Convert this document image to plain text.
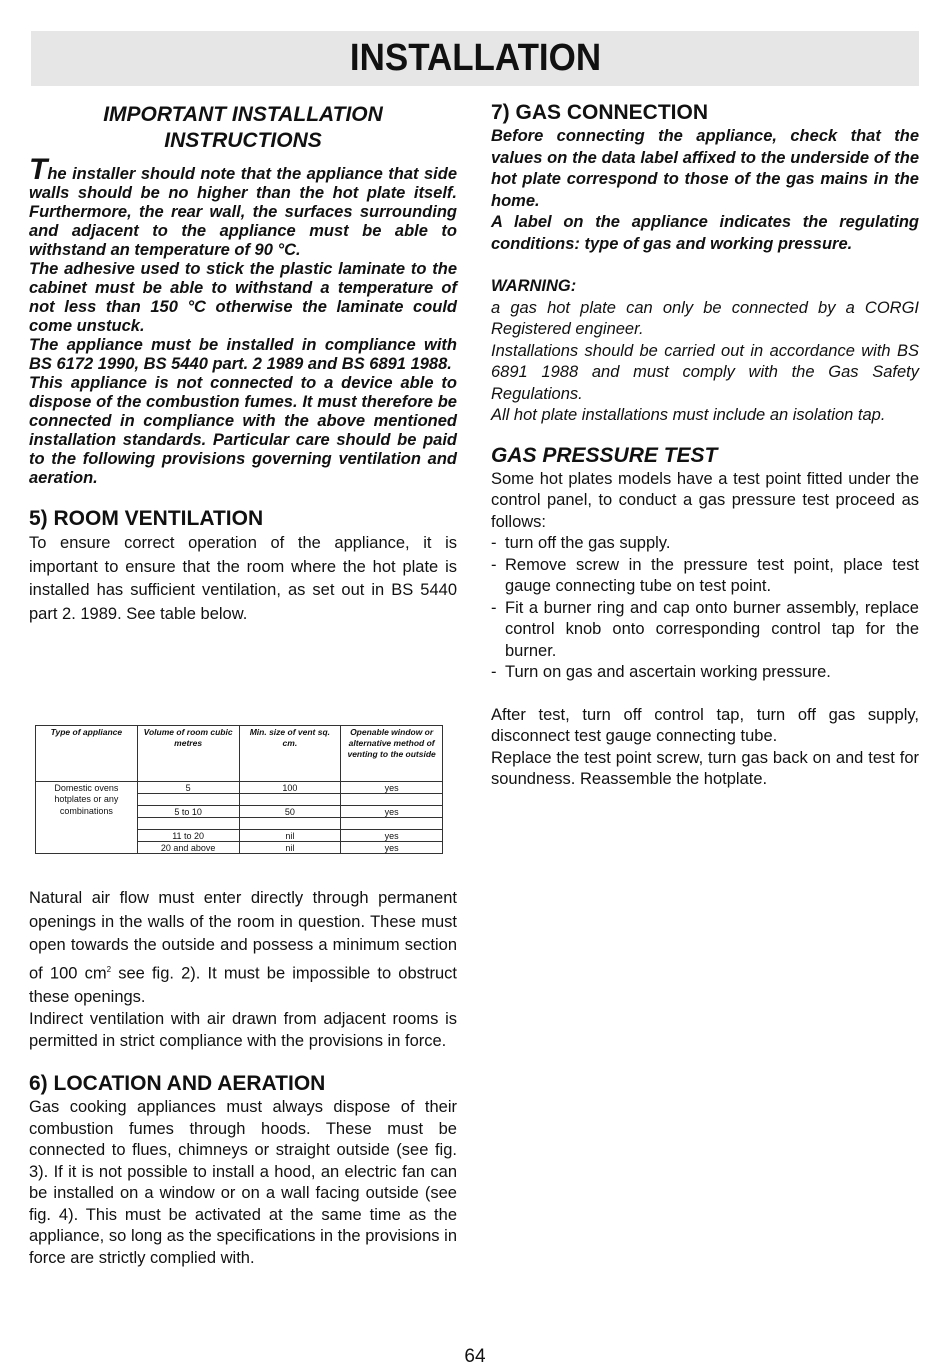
INSTALLATION
IMPORTANT INSTALLATION INSTRUCTIONS

The installer should note that the appliance that side walls should be no higher than the hot plate itself. Furthermore, the rear wall, the surfaces surrounding and adjacent to the appliance must be able to withstand an temperature of 90 °C.

The adhesive used to stick the plastic laminate to the cabinet must be able to withstand a temperature of not less than 150 °C otherwise the laminate could come unstuck.

The appliance must be installed in compliance with BS 6172 1990, BS 5440 part. 2 1989 and BS 6891 1988.

This appliance is not connected to a device able to dispose of the combustion fumes. It must therefore be connected in compliance with the above mentioned installation standards. Particular care should be paid to the following provisions governing ventilation and aeration.

5) ROOM VENTILATION

To ensure correct operation of the appliance, it is important to ensure that the room where the hot plate is installed has sufficient ventilation, as set out in BS 5440 part 2. 1989. See table below.

Type of appliance	Volume of room cubic metres	Min. size of vent sq. cm.	Openable window or alternative method of venting to the outside
Domestic ovens hotplates or any combinations	5	100	yes

	5 to 10	50	yes

	11 to 20	nil	yes
	20 and above	nil	yes

Natural air flow must enter directly through permanent openings in the walls of the room in question. These must open towards the outside and possess a minimum section of 100 $cm^2$ see fig. 2). It must be impossible to obstruct these openings.

Indirect ventilation with air drawn from adjacent rooms is permitted in strict compliance with the provisions in force.

6) LOCATION AND AERATION

Gas cooking appliances must always dispose of their combustion fumes through hoods. These must be connected to flues, chimneys or straight outside (see fig. 3). If it is not possible to install a hood, an electric fan can be installed on a window or on a wall facing outside (see fig. 4). This must be activated at the same time as the appliance, so long as the specifications in the provisions in force are strictly complied with.

7) GAS CONNECTION

Before connecting the appliance, check that the values on the data label affixed to the underside of the hot plate correspond to those of the gas mains in the home.

A label on the appliance indicates the regulating conditions: type of gas and working pressure.

WARNING:

a gas hot plate can only be connected by a CORGI Registered engineer.

Installations should be carried out in accordance with BS 6891 1988 and must comply with the Gas Safety Regulations.

All hot plate installations must include an isolation tap.

GAS PRESSURE TEST

Some hot plates models have a test point fitted under the control panel, to conduct a gas pressure test proceed as follows:

- turn off the gas supply.
- Remove screw in the pressure test point, place test gauge connecting tube on test point.
- Fit a burner ring and cap onto burner assembly, replace control knob onto corresponding control tap for the burner.
- Turn on gas and ascertain working pressure.

After test, turn off control tap, turn off gas supply, disconnect test gauge connecting tube.

Replace the test point screw, turn gas back on and test for soundness. Reassemble the hotplate.

64
